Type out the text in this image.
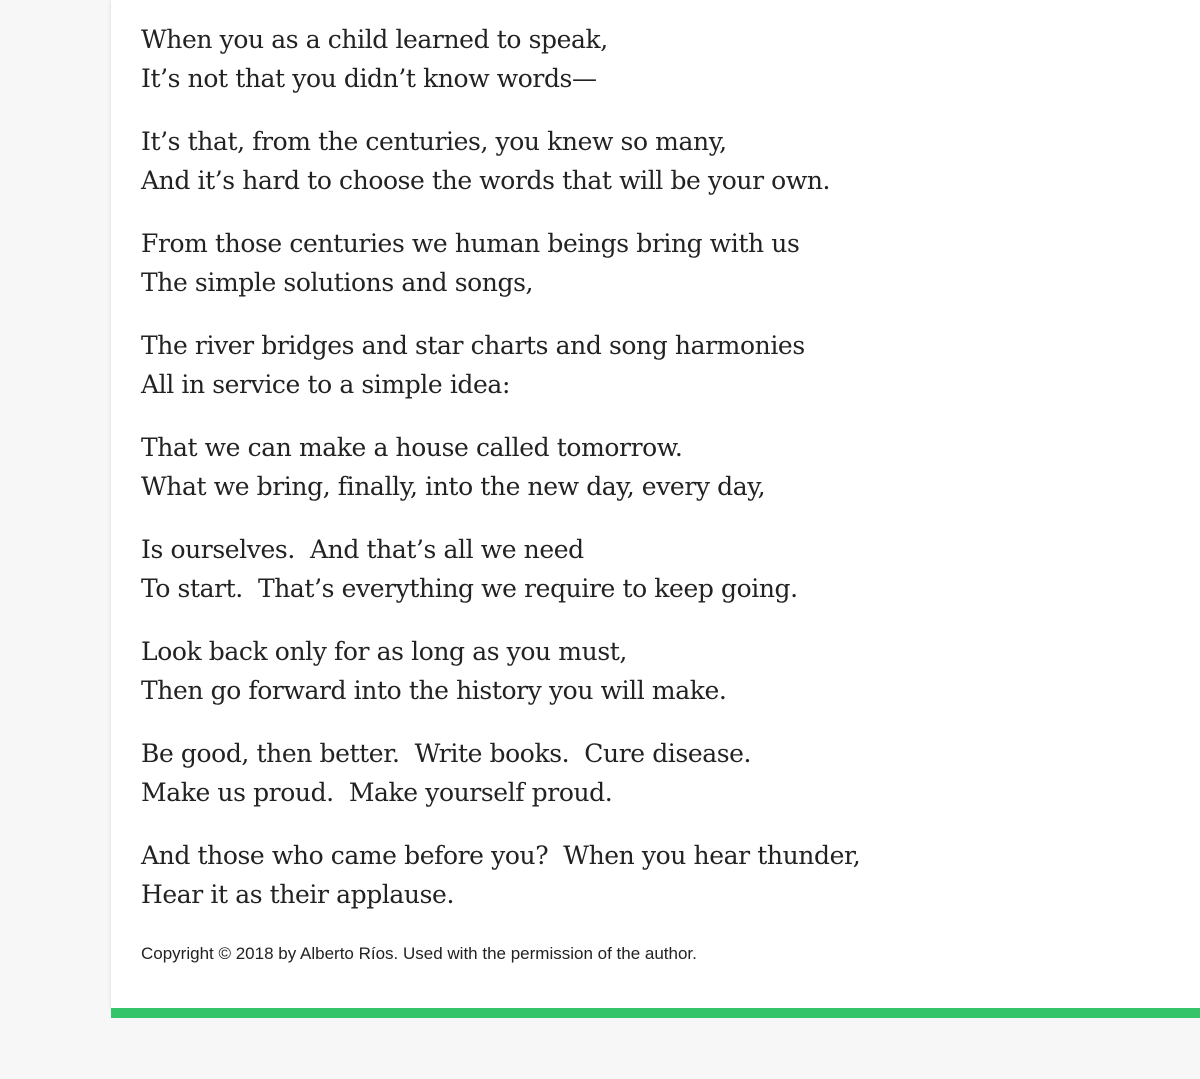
When you as a child learned to speak,
It’s not that you didn’t know words—
It’s that, from the centuries, you knew so many,
And it’s hard to choose the words that will be your own.
From those centuries we human beings bring with us
The simple solutions and songs,
The river bridges and star charts and song harmonies
All in service to a simple idea:
That we can make a house called tomorrow.
What we bring, finally, into the new day, every day,
Is ourselves.  And that’s all we need
To start.  That’s everything we require to keep going.
Look back only for as long as you must,
Then go forward into the history you will make.
Be good, then better.  Write books.  Cure disease.
Make us proud.  Make yourself proud.
And those who came before you?  When you hear thunder,
Hear it as their applause.
Copyright © 2018 by Alberto Ríos. Used with the permission of the author.
